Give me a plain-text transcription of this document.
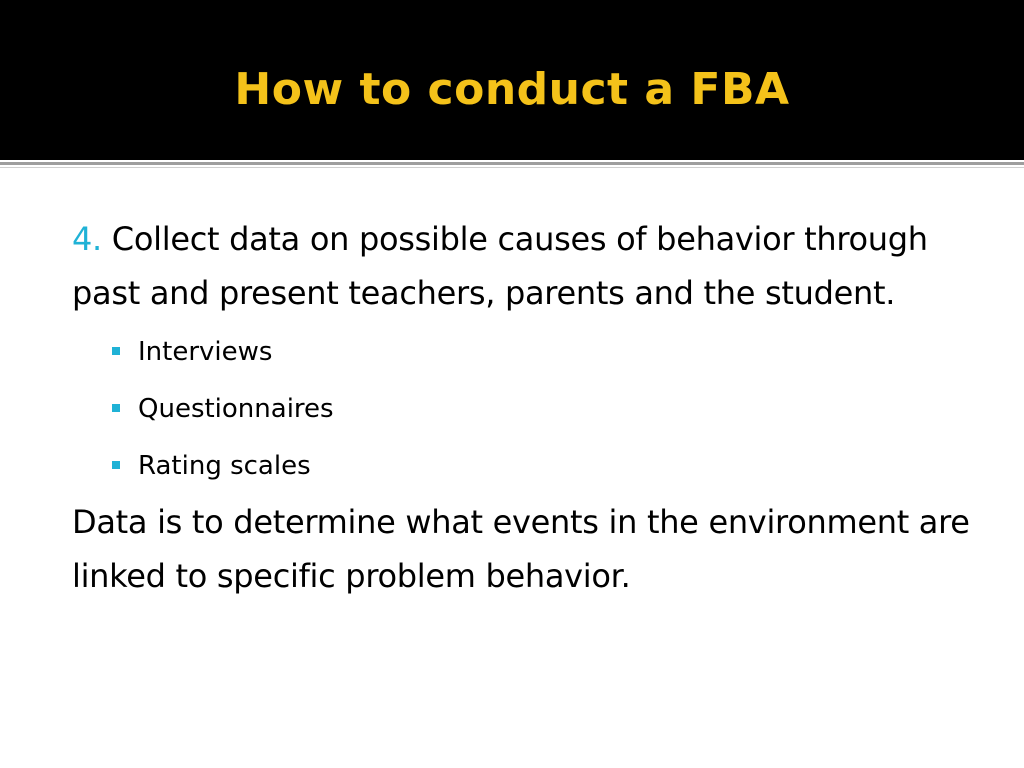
How to conduct a FBA

4. Collect data on possible causes of behavior through past and present teachers, parents and the student.

Interviews
Questionnaires
Rating scales

Data is to determine what events in the environment are linked to specific problem behavior.
